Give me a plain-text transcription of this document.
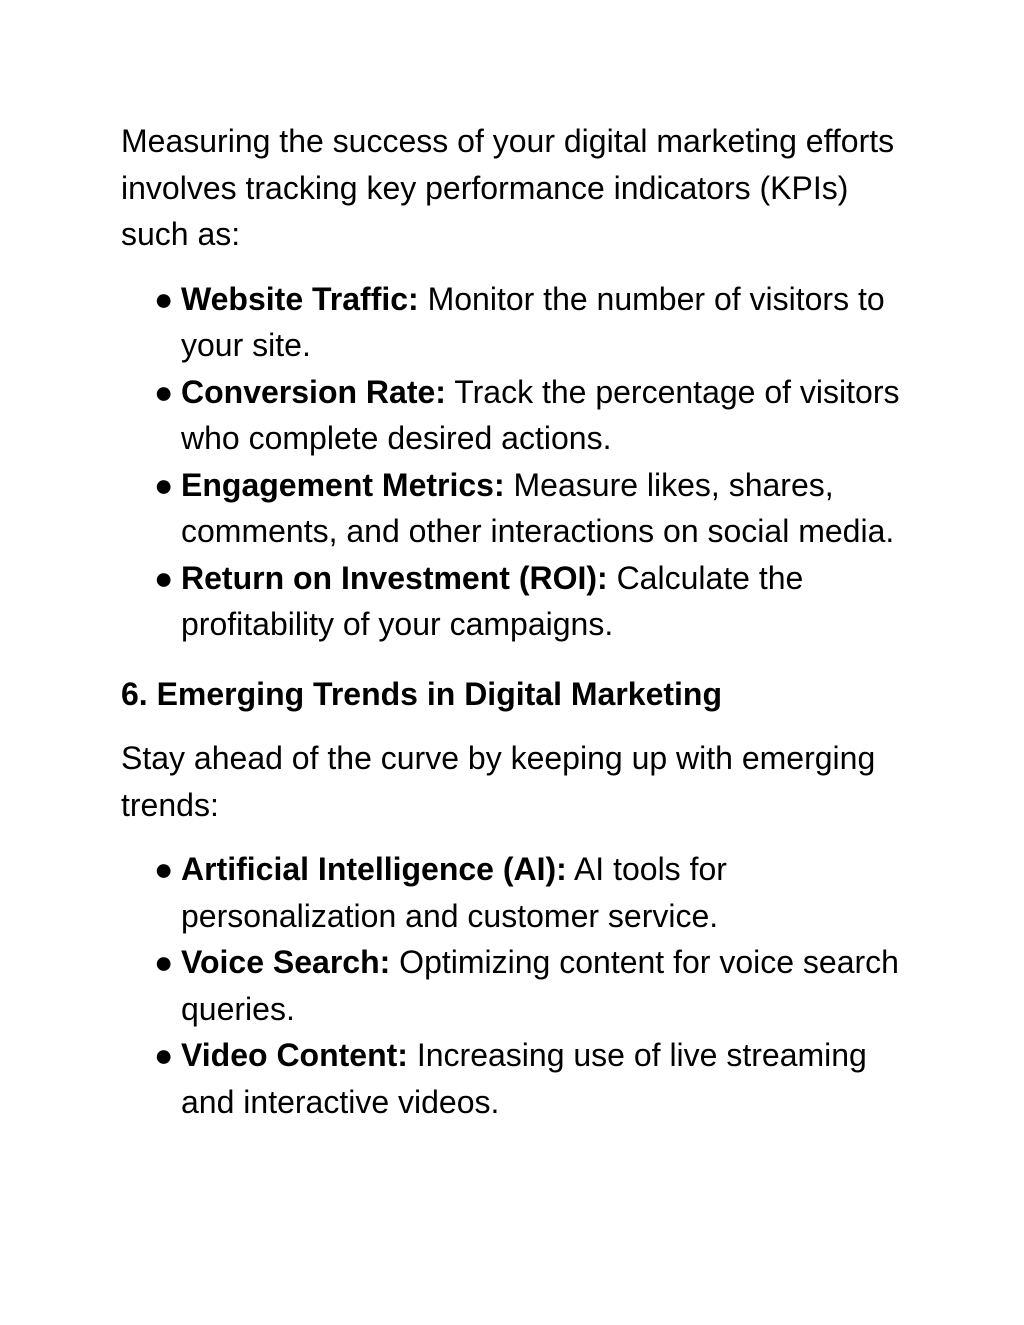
Measuring the success of your digital marketing efforts involves tracking key performance indicators (KPIs) such as:

● Website Traffic: Monitor the number of visitors to your site.
● Conversion Rate: Track the percentage of visitors who complete desired actions.
● Engagement Metrics: Measure likes, shares, comments, and other interactions on social media.
● Return on Investment (ROI): Calculate the profitability of your campaigns.
6. Emerging Trends in Digital Marketing

Stay ahead of the curve by keeping up with emerging trends:

● Artificial Intelligence (AI): AI tools for personalization and customer service.
● Voice Search: Optimizing content for voice search queries.
● Video Content: Increasing use of live streaming and interactive videos.
